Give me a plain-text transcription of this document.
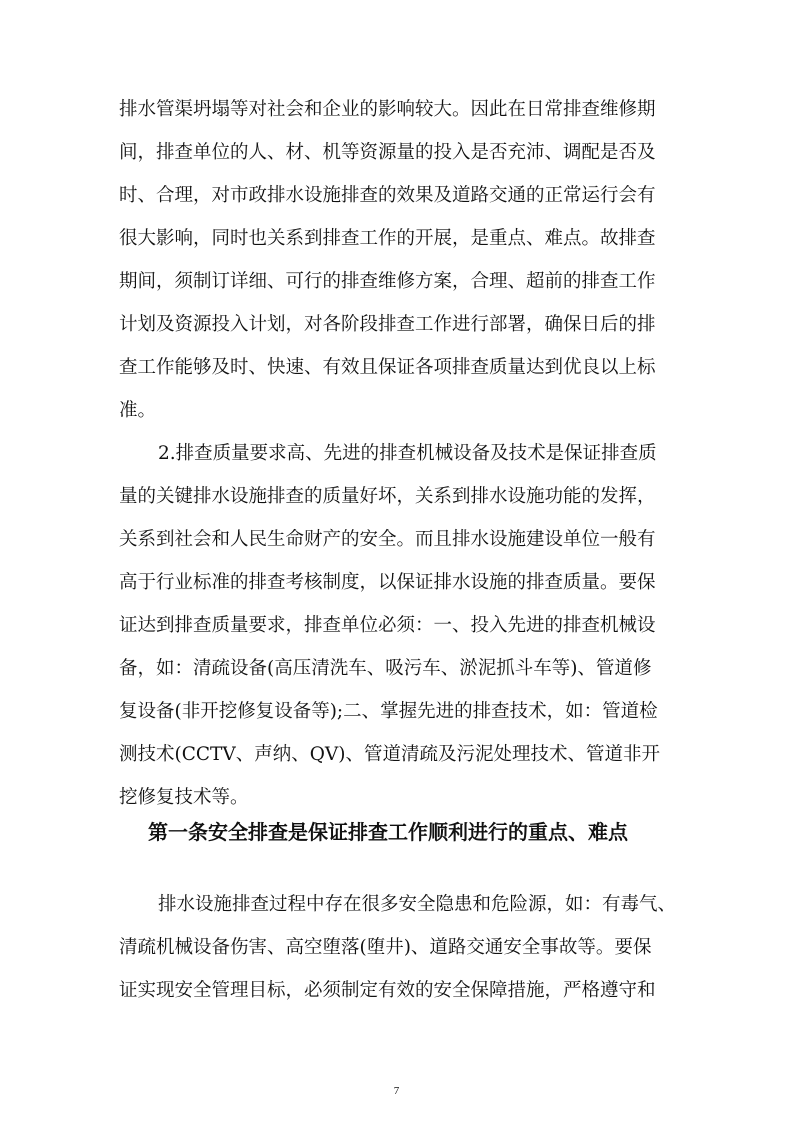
排水管渠坍塌等对社会和企业的影响较大。因此在日常排查维修期
间，排查单位的人、材、机等资源量的投入是否充沛、调配是否及
时、合理，对市政排水设施排查的效果及道路交通的正常运行会有
很大影响，同时也关系到排查工作的开展，是重点、难点。故排查
期间，须制订详细、可行的排查维修方案，合理、超前的排查工作
计划及资源投入计划，对各阶段排查工作进行部署，确保日后的排
查工作能够及时、快速、有效且保证各项排查质量达到优良以上标
准。
2.排查质量要求高、先进的排查机械设备及技术是保证排查质
量的关键排水设施排查的质量好坏，关系到排水设施功能的发挥，
关系到社会和人民生命财产的安全。而且排水设施建设单位一般有
高于行业标准的排查考核制度，以保证排水设施的排查质量。要保
证达到排查质量要求，排查单位必须：一、投入先进的排查机械设
备，如：清疏设备(高压清洗车、吸污车、淤泥抓斗车等)、管道修
复设备(非开挖修复设备等);二、掌握先进的排查技术，如：管道检
测技术(CCTV、声纳、QV)、管道清疏及污泥处理技术、管道非开
挖修复技术等。
第一条安全排查是保证排查工作顺利进行的重点、难点
排水设施排查过程中存在很多安全隐患和危险源，如：有毒气、
清疏机械设备伤害、高空堕落(堕井)、道路交通安全事故等。要保
证实现安全管理目标，必须制定有效的安全保障措施，严格遵守和
7
